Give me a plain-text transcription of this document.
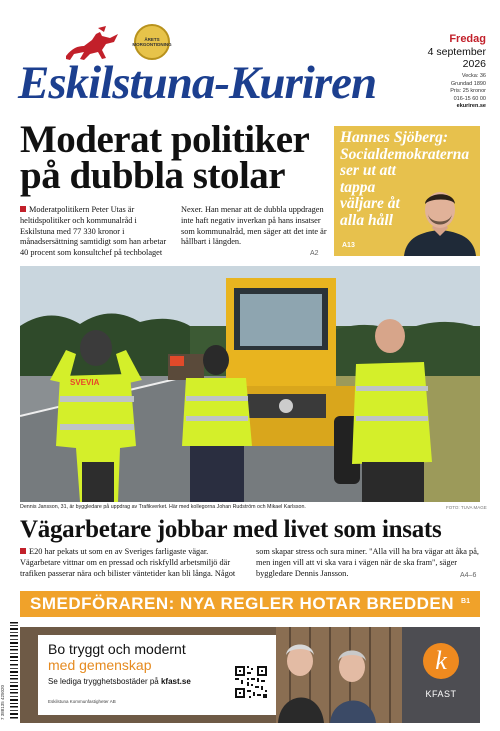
ÅRETS
MORGONTIDNING
Eskilstuna-Kuriren
Fredag
4 september
2026
Vecka: 36
Grundad 1890
Pris: 25 kronor
016-15 60 00
ekuriren.se
Moderat politiker på dubbla stolar
Moderatpolitikern Peter Utas är heltidspolitiker och kommunalråd i Eskilstuna med 77 330 kronor i månadsersättning samtidigt som han arbetar 40 procent som konsultchef på techbolaget Nexer. Han menar att de dubbla uppdragen inte haft negativ inverkan på hans insatser som kommunalråd, men säger att det inte är hållbart i längden.
A2
Hannes Sjöberg:
Socialdemokraterna ser ut att tappa väljare åt alla håll
A13
SVEVIA
Dennis Jansson, 31, är byggledare på uppdrag av Trafikverket. Här med kollegorna Johan Rudström och Mikael Karlsson.	FOTO: TUVA MAGE
Vägarbetare jobbar med livet som insats
E20 har pekats ut som en av Sveriges farligaste vägar. Vägarbetare vittnar om en pressad och riskfylld arbetsmiljö där trafiken passerar nära och bilister väntetider kan bli långa. Något som skapar stress och sura miner. "Alla vill ha bra vägar att åka på, men ingen vill att vi ska vara i vägen när de ska fram", säger byggledare Dennis Jansson.	A4–6
SMEDFÖRAREN: NYA REGLER HOTAR BREDDEN B1
7 388135 425020
Bo tryggt och modernt
med gemenskap
Se lediga trygghetsbostäder på kfast.se
Eskilstuna Kommunfastigheter AB
k
KFAST
